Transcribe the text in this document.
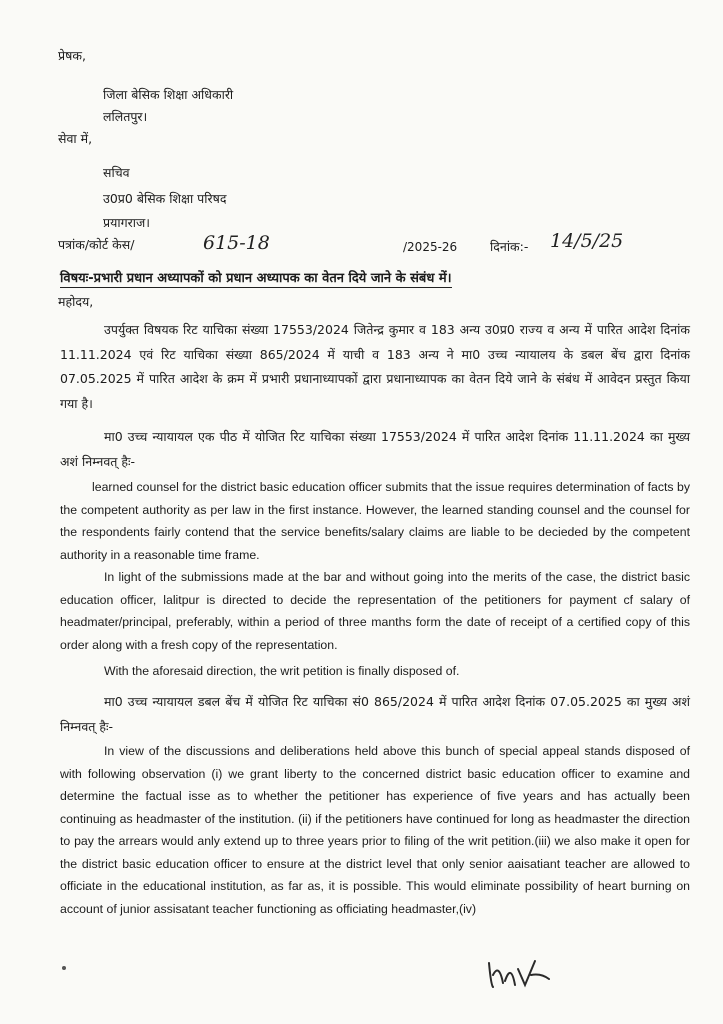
प्रेषक,
जिला बेसिक शिक्षा अधिकारी
ललितपुर।
सेवा में,
सचिव
उ0प्र0 बेसिक शिक्षा परिषद
प्रयागराज।
पत्रांक/कोर्ट केस/	615-18	/2025-26	दिनांक:- 14/5/25
विषयः-प्रभारी प्रधान अध्यापकों को प्रधान अध्यापक का वेतन दिये जाने के संबंध में।
महोदय,

उपर्युक्त विषयक रिट याचिका संख्या 17553/2024 जितेन्द्र कुमार व 183 अन्य उ0प्र0 राज्य व अन्य में पारित आदेश दिनांक 11.11.2024 एवं रिट याचिका संख्या 865/2024 में याची व 183 अन्य ने मा0 उच्च न्यायालय के डबल बेंच द्वारा दिनांक 07.05.2025 में पारित आदेश के क्रम में प्रभारी प्रधानाध्यापकों द्वारा प्रधानाध्यापक का वेतन दिये जाने के संबंध में आवेदन प्रस्तुत किया गया है।

मा0 उच्च न्यायायल एक पीठ में योजित रिट याचिका संख्या 17553/2024 में पारित आदेश दिनांक 11.11.2024 का मुख्य अशं निम्नवत् हैः-

learned counsel for the district basic education officer submits that the issue requires determination of facts by the competent authority as per law in the first instance. However, the learned standing counsel and the counsel for the respondents fairly contend that the service benefits/salary claims are liable to be decieded by the competent authority in a reasonable time frame.

In light of the submissions made at the bar and without going into the merits of the case, the district basic education officer, lalitpur is directed to decide the representation of the petitioners for payment cf salary of headmater/principal, preferably, within a period of three manths form the date of receipt of a certified copy of this order along with a fresh copy of the representation.

With the aforesaid direction, the writ petition is finally disposed of.

मा0 उच्च न्यायायल डबल बेंच में योजित रिट याचिका सं0 865/2024 में पारित आदेश दिनांक 07.05.2025 का मुख्य अशं निम्नवत् हैः-

In view of the discussions and deliberations held above this bunch of special appeal stands disposed of with following observation (i) we grant liberty to the concerned district basic education officer to examine and determine the factual isse as to whether the petitioner has experience of five years and has actually been continuing as headmaster of the institution. (ii) if the petitioners have continued for long as headmaster the direction to pay the arrears would anly extend up to three years prior to filing of the writ petition.(iii) we also make it open for the district basic education officer to ensure at the district level that only senior aaisatiant teacher are allowed to officiate in the educational institution, as far as, it is possible. This would eliminate possibility of heart burning on account of junior assisatant teacher functioning as officiating headmaster,(iv)
